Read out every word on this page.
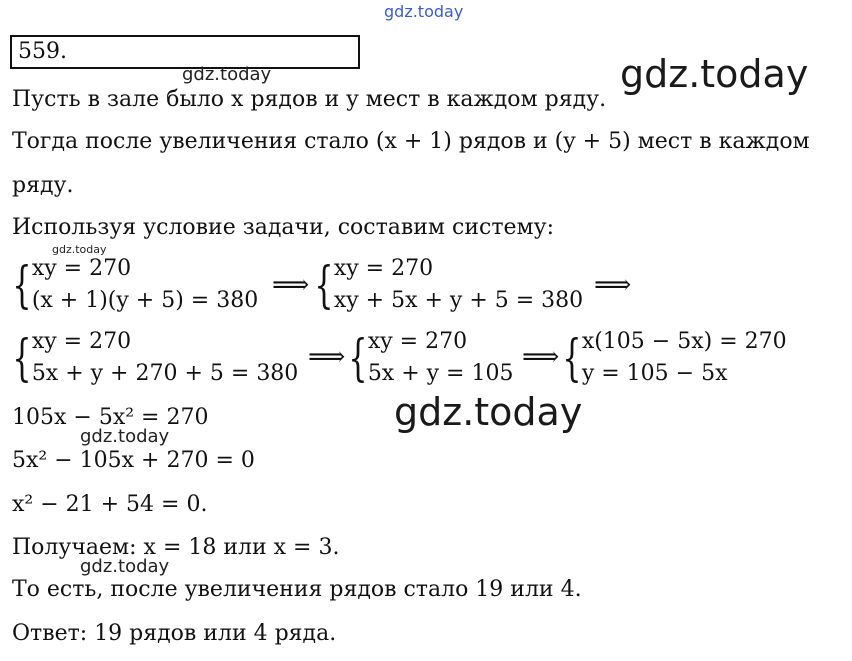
gdz.today
559.
gdz.today
gdz.today
Пусть в зале было x рядов и y мест в каждом ряду.
Тогда после увеличения стало (x + 1) рядов и (y + 5) мест в каждом
ряду.
Используя условие задачи, составим систему:
gdz.today
{ xy = 270
(x + 1)(y + 5) = 380
⟹ { xy = 270
xy + 5x + y + 5 = 380
⟹
{ xy = 270
5x + y + 270 + 5 = 380
⟹ { xy = 270
5x + y = 105
⟹ { x(105 − 5x) = 270
y = 105 − 5x
gdz.today
105x − 5x² = 270
gdz.today
5x² − 105x + 270 = 0
x² − 21 + 54 = 0.
Получаем: x = 18 или x = 3.
gdz.today
То есть, после увеличения рядов стало 19 или 4.
Ответ: 19 рядов или 4 ряда.
